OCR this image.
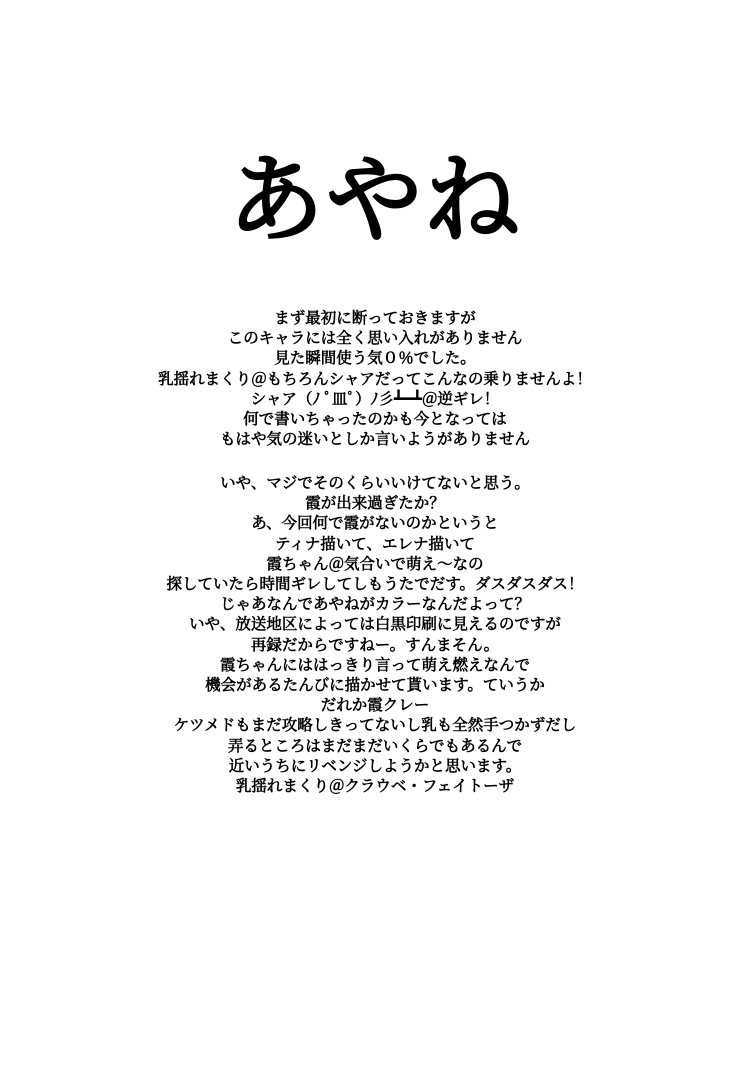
あやね
まず最初に断っておきますが
このキャラには全く思い入れがありません
見た瞬間使う気０％でした。
乳揺れまくり＠もちろんシャアだってこんなの乗りませんよ！
シャア（ﾉ ﾟ皿ﾟ）ﾉ彡┻━┻＠逆ギレ！
何で書いちゃったのかも今となっては
もはや気の迷いとしか言いようがありません
いや、マジでそのくらいいけてないと思う。
霞が出来過ぎたか？
あ、今回何で霞がないのかというと
ティナ描いて、エレナ描いて
霞ちゃん＠気合いで萌え～なの
探していたら時間ギレしてしもうたでだす。ダスダスダス！
じゃあなんであやねがカラーなんだよって？
いや、放送地区によっては白黒印刷に見えるのですが
再録だからですねー。すんまそん。
霞ちゃんにははっきり言って萌え燃えなんで
機会があるたんびに描かせて貰います。ていうか
だれか霞クレー
ケツメドもまだ攻略しきってないし乳も全然手つかずだし
弄るところはまだまだいくらでもあるんで
近いうちにリベンジしようかと思います。
乳揺れまくり＠クラウベ・フェイトーザ
